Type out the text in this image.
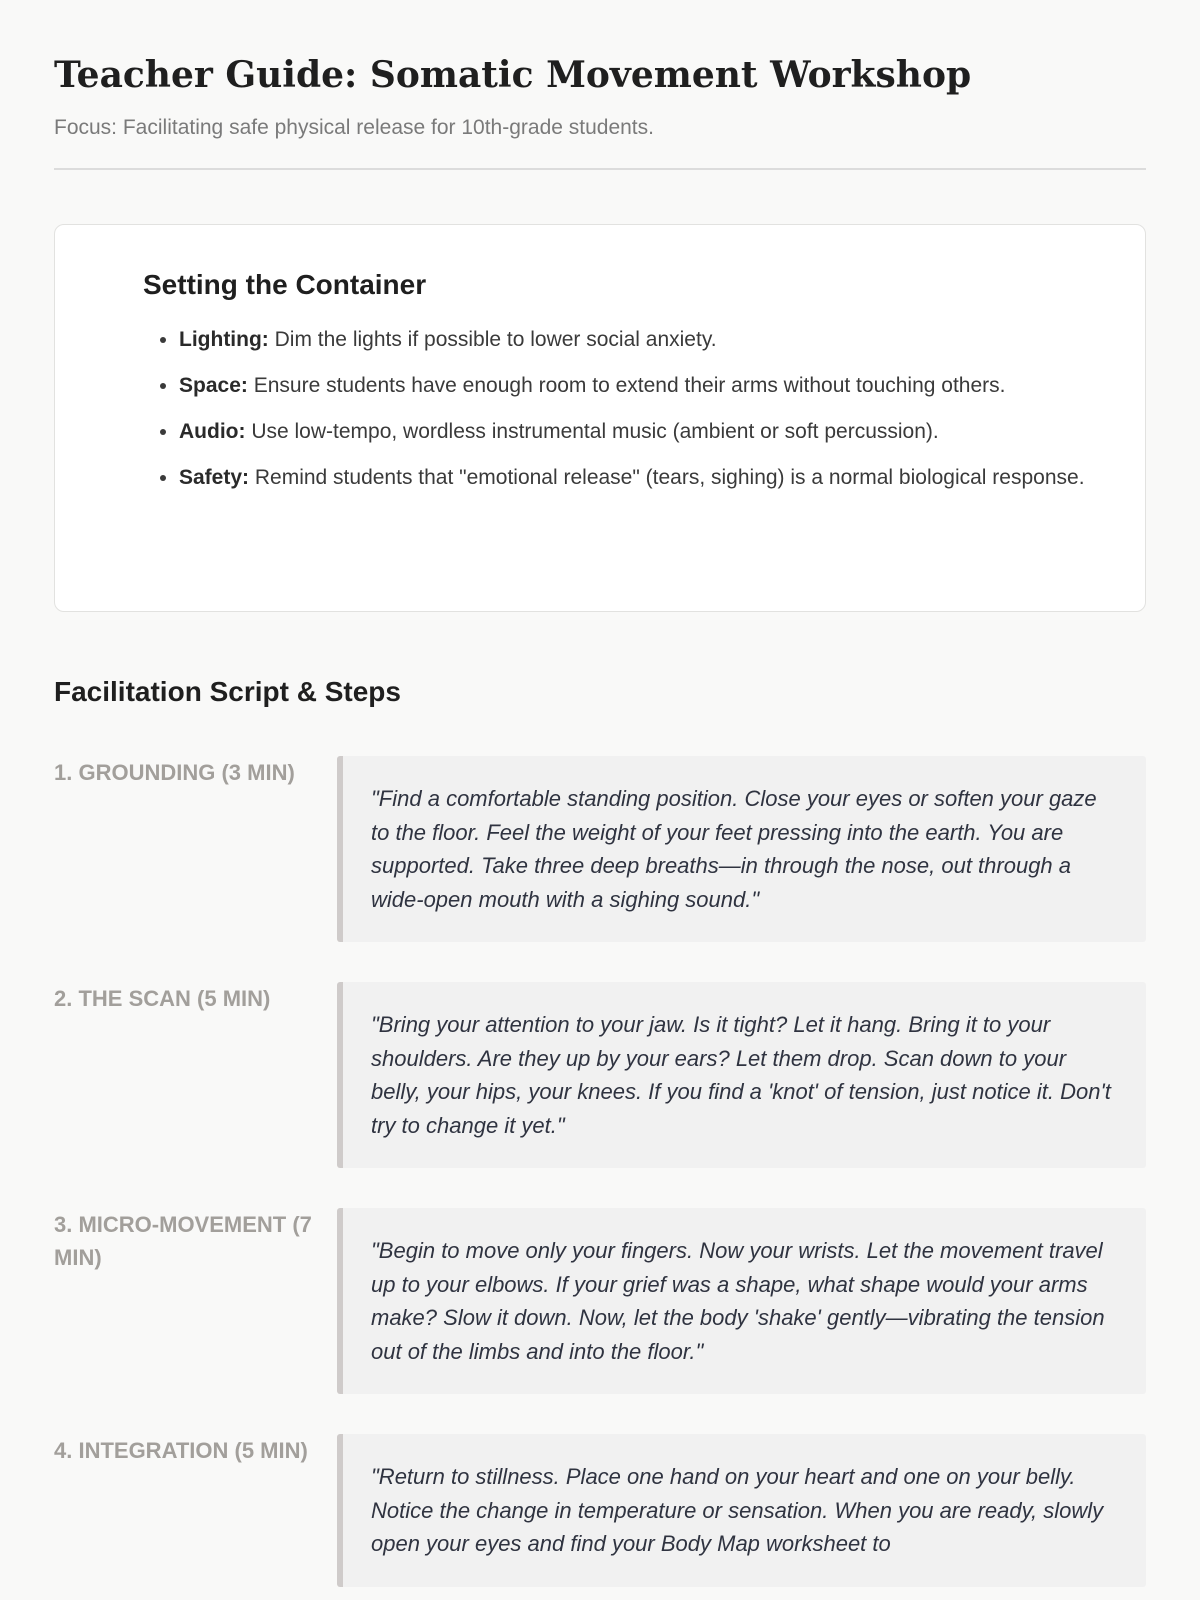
Teacher Guide: Somatic Movement Workshop
Focus: Facilitating safe physical release for 10th-grade students.
Setting the Container
• Lighting: Dim the lights if possible to lower social anxiety.
• Space: Ensure students have enough room to extend their arms without touching others.
• Audio: Use low-tempo, wordless instrumental music (ambient or soft percussion).
• Safety: Remind students that "emotional release" (tears, sighing) is a normal biological response.
Facilitation Script & Steps
1. GROUNDING (3 MIN)
"Find a comfortable standing position. Close your eyes or soften your gaze to the floor. Feel the weight of your feet pressing into the earth. You are supported. Take three deep breaths—in through the nose, out through a wide-open mouth with a sighing sound."
2. THE SCAN (5 MIN)
"Bring your attention to your jaw. Is it tight? Let it hang. Bring it to your shoulders. Are they up by your ears? Let them drop. Scan down to your belly, your hips, your knees. If you find a 'knot' of tension, just notice it. Don't try to change it yet."
3. MICRO-MOVEMENT (7 MIN)	"Begin to move only your fingers. Now your wrists. Let the movement travel up to your elbows. If your grief was a shape, what shape would your arms make? Slow it down. Now, let the body 'shake' gently—vibrating the tension out of the limbs and into the floor."
4. INTEGRATION (5 MIN)
"Return to stillness. Place one hand on your heart and one on your belly. Notice the change in temperature or sensation. When you are ready, slowly open your eyes and find your Body Map worksheet to
